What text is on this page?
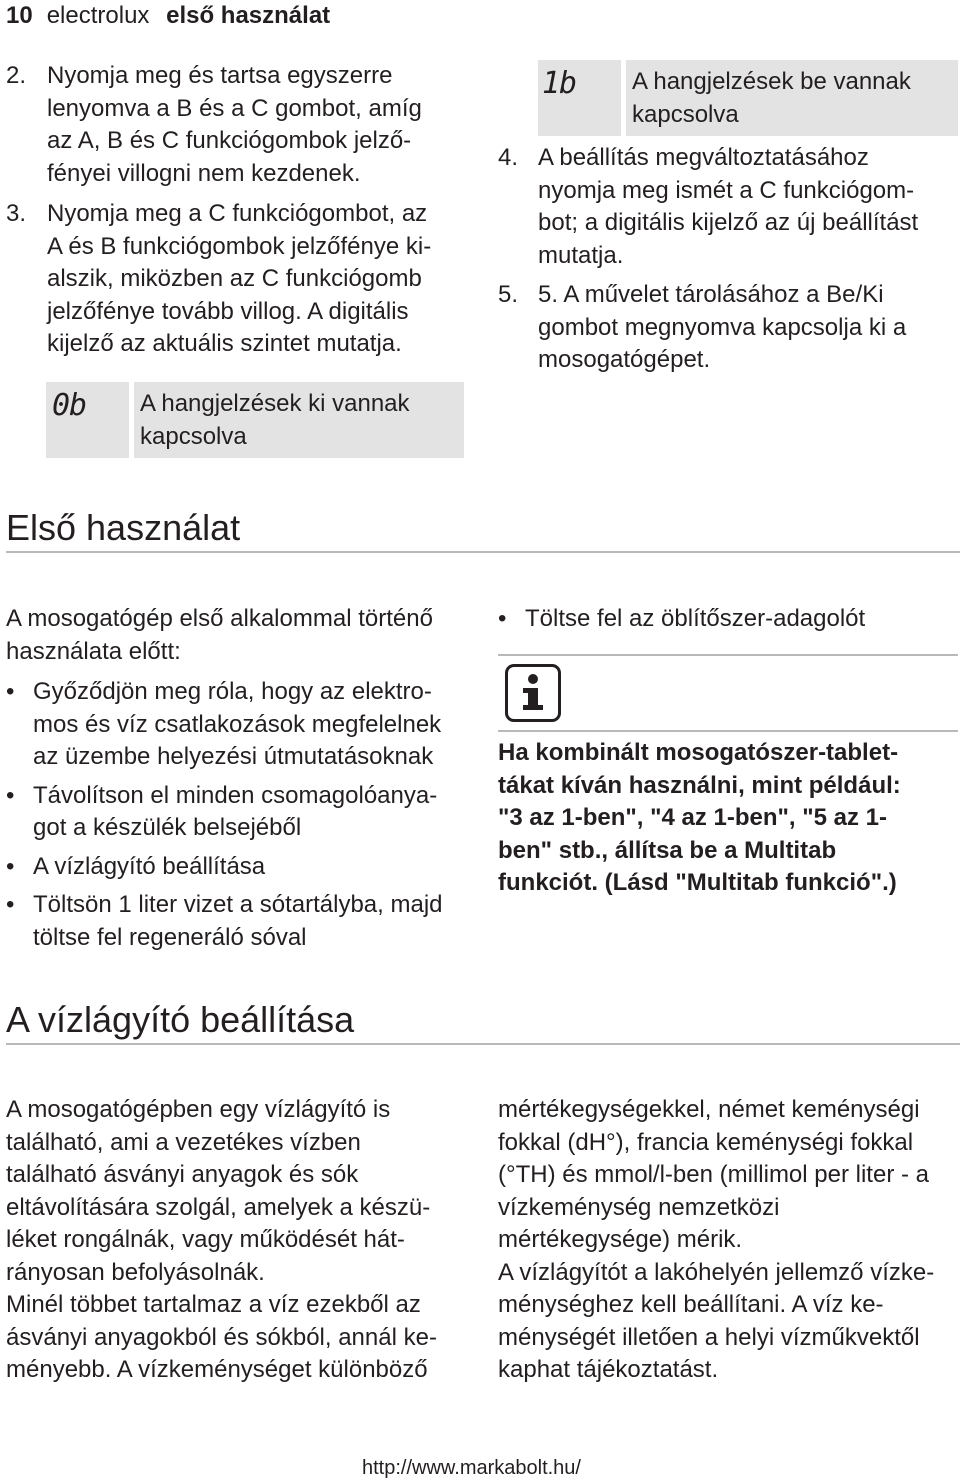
10 electrolux első használat
2. Nyomja meg és tartsa egyszerre
lenyomva a B és a C gombot, amíg
az A, B és C funkciógombok jelző-
fényei villogni nem kezdenek.
3. Nyomja meg a C funkciógombot, az
A és B funkciógombok jelzőfénye ki-
alszik, miközben az C funkciógomb
jelzőfénye tovább villog. A digitális
kijelző az aktuális szintet mutatja.
0b A hangjelzések ki vannak
kapcsolva
1b A hangjelzések be vannak
kapcsolva
4. A beállítás megváltoztatásához
nyomja meg ismét a C funkciógom-
bot; a digitális kijelző az új beállítást
mutatja.
5. 5. A művelet tárolásához a Be/Ki
gombot megnyomva kapcsolja ki a
mosogatógépet.
Első használat
A mosogatógép első alkalommal történő
használata előtt:
• Győződjön meg róla, hogy az elektro-
mos és víz csatlakozások megfelelnek
az üzembe helyezési útmutatásoknak
• Távolítson el minden csomagolóanya-
got a készülék belsejéből
• A vízlágyító beállítása
• Töltsön 1 liter vizet a sótartályba, majd
töltse fel regeneráló sóval
• Töltse fel az öblítőszer-adagolót
Ha kombinált mosogatószer-tablet-
tákat kíván használni, mint például:
"3 az 1-ben", "4 az 1-ben", "5 az 1-
ben" stb., állítsa be a Multitab
funkciót. (Lásd "Multitab funkció".)
A vízlágyító beállítása
A mosogatógépben egy vízlágyító is
található, ami a vezetékes vízben
található ásványi anyagok és sók
eltávolítására szolgál, amelyek a készü-
léket rongálnák, vagy működését hát-
rányosan befolyásolnák.
Minél többet tartalmaz a víz ezekből az
ásványi anyagokból és sókból, annál ke-
ményebb. A vízkeménységet különböző
mértékegységekkel, német keménységi
fokkal (dH°), francia keménységi fokkal
(°TH) és mmol/l-ben (millimol per liter - a
vízkeménység nemzetközi
mértékegysége) mérik.
A vízlágyítót a lakóhelyén jellemző vízke-
ménységhez kell beállítani. A víz ke-
ménységét illetően a helyi vízműkvektől
kaphat tájékoztatást.
http://www.markabolt.hu/
